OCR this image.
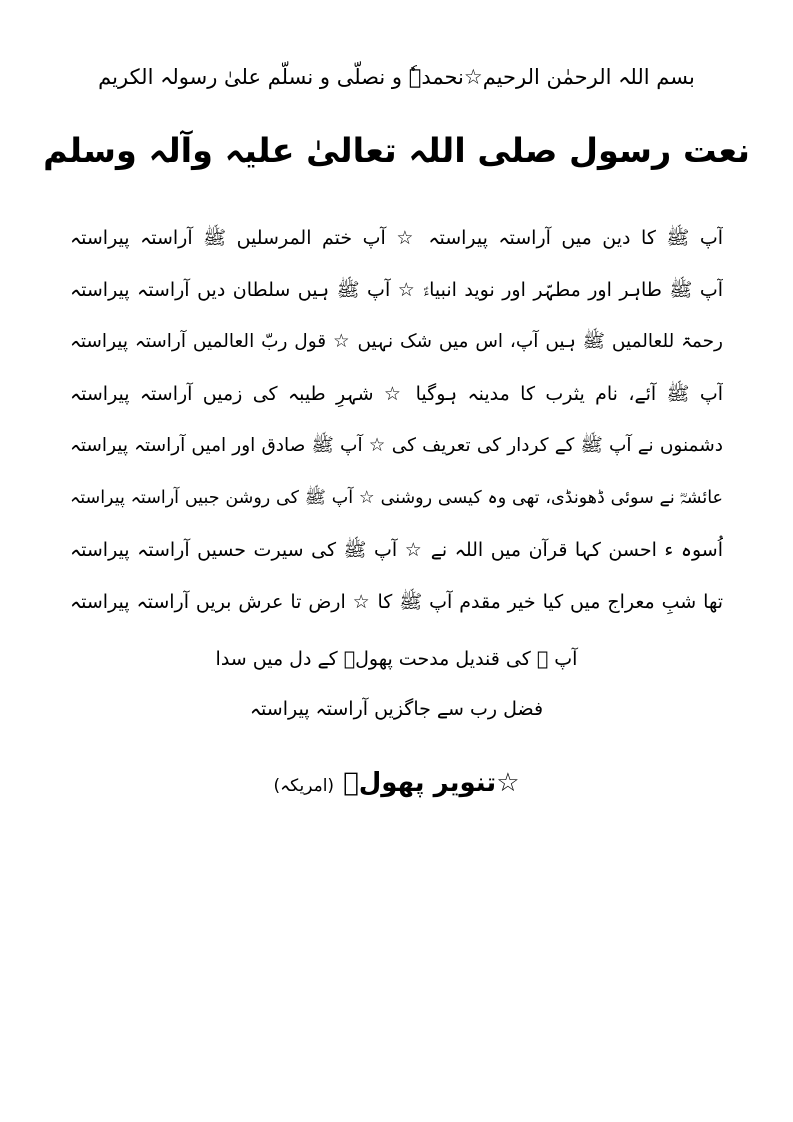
بسم اللہ الرحمٰن الرحیم☆نحمدہٗ و نصلّی و نسلّم علیٰ رسولہ الکریم
نعت رسول صلی اللہ تعالیٰ علیہ وآلہ وسلم
آپ ﷺ کا دین میں آراستہ پیراستہ ☆ آپ ختم المرسلیں ﷺ آراستہ پیراستہ
آپ ﷺ طاہر اور مطہّر اور نوید انبیاءؑ ☆ آپ ﷺ ہیں سلطان دیں آراستہ پیراستہ
رحمۃ للعالمیں ﷺ ہیں آپ، اس میں شک نہیں ☆ قول ربّ العالمیں آراستہ پیراستہ
آپ ﷺ آئے، نام یثرب کا مدینہ ہوگیا ☆ شہرِ طیبہ کی زمیں آراستہ پیراستہ
دشمنوں نے آپ ﷺ کے کردار کی تعریف کی ☆ آپ ﷺ صادق اور امیں آراستہ پیراستہ
عائشہؓ نے سوئی ڈھونڈی، تھی وہ کیسی روشنی ☆ آپ ﷺ کی روشن جبیں آراستہ پیراستہ
اُسوہ ء احسن کہا قرآن میں اللہ نے ☆ آپ ﷺ کی سیرت حسیں آراستہ پیراستہ
تھا شبِ معراج میں کیا خیر مقدم آپ ﷺ کا ☆ ارض تا عرش بریں آراستہ پیراستہ
آپ ﷺ کی قندیل مدحت پھولؔ کے دل میں سدا
فضل رب سے جاگزیں آراستہ پیراستہ
☆تنویر پھولؔ (امریکہ)
